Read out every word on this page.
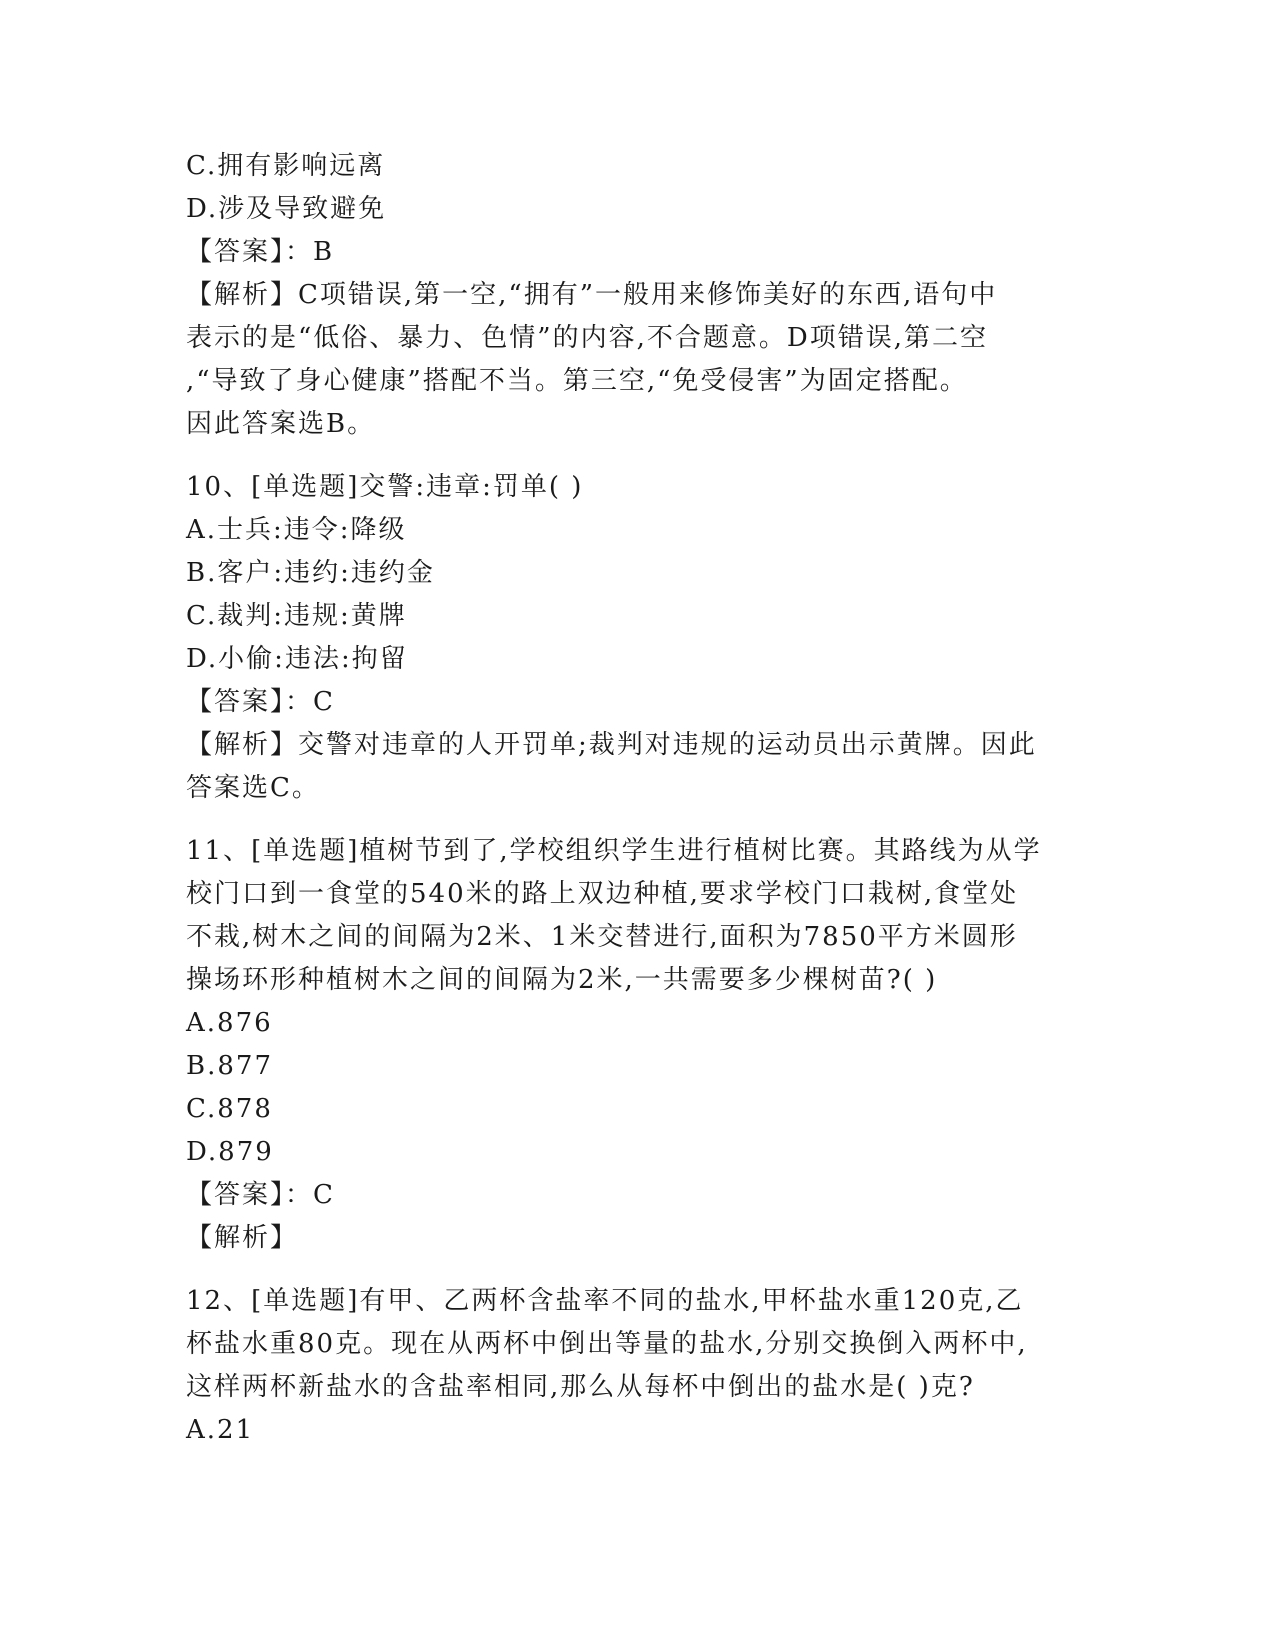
C.拥有影响远离
D.涉及导致避免
【答案】：B
【解析】C项错误,第一空,“拥有”一般用来修饰美好的东西,语句中
表示的是“低俗、暴力、色情”的内容,不合题意。D项错误,第二空
,“导致了身心健康”搭配不当。第三空,“免受侵害”为固定搭配。
因此答案选B。
10、[单选题]交警:违章:罚单( )
A.士兵:违令:降级
B.客户:违约:违约金
C.裁判:违规:黄牌
D.小偷:违法:拘留
【答案】：C
【解析】交警对违章的人开罚单;裁判对违规的运动员出示黄牌。因此
答案选C。
11、[单选题]植树节到了,学校组织学生进行植树比赛。其路线为从学
校门口到一食堂的540米的路上双边种植,要求学校门口栽树,食堂处
不栽,树木之间的间隔为2米、1米交替进行,面积为7850平方米圆形
操场环形种植树木之间的间隔为2米,一共需要多少棵树苗?( )
A.876
B.877
C.878
D.879
【答案】：C
【解析】
12、[单选题]有甲、乙两杯含盐率不同的盐水,甲杯盐水重120克,乙
杯盐水重80克。现在从两杯中倒出等量的盐水,分别交换倒入两杯中,
这样两杯新盐水的含盐率相同,那么从每杯中倒出的盐水是( )克?
A.21
